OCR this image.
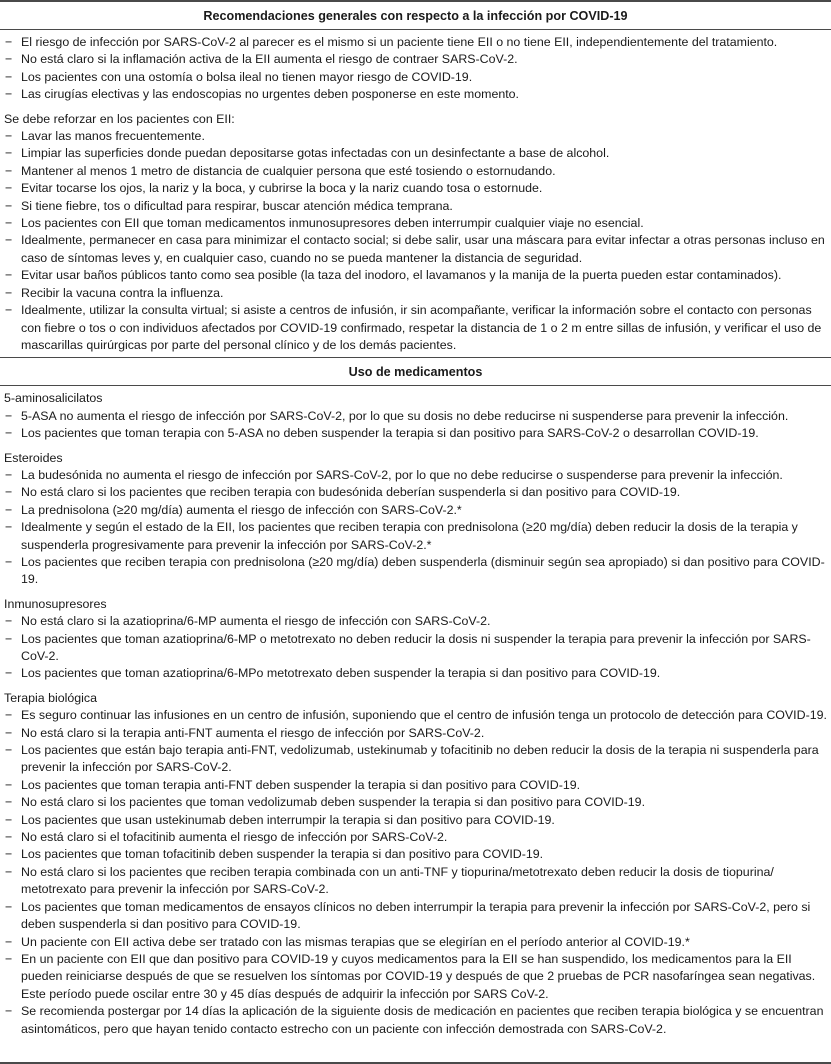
Recomendaciones generales con respecto a la infección por COVID-19
− El riesgo de infección por SARS-CoV-2 al parecer es el mismo si un paciente tiene EII o no tiene EII, independientemente del tratamiento.
− No está claro si la inflamación activa de la EII aumenta el riesgo de contraer SARS-CoV-2.
− Los pacientes con una ostomía o bolsa ileal no tienen mayor riesgo de COVID-19.
− Las cirugías electivas y las endoscopias no urgentes deben posponerse en este momento.
Se debe reforzar en los pacientes con EII:
− Lavar las manos frecuentemente.
− Limpiar las superficies donde puedan depositarse gotas infectadas con un desinfectante a base de alcohol.
− Mantener al menos 1 metro de distancia de cualquier persona que esté tosiendo o estornudando.
− Evitar tocarse los ojos, la nariz y la boca, y cubrirse la boca y la nariz cuando tosa o estornude.
− Si tiene fiebre, tos o dificultad para respirar, buscar atención médica temprana.
− Los pacientes con EII que toman medicamentos inmunosupresores deben interrumpir cualquier viaje no esencial.
− Idealmente, permanecer en casa para minimizar el contacto social; si debe salir, usar una máscara para evitar infectar a otras personas incluso en caso de síntomas leves y, en cualquier caso, cuando no se pueda mantener la distancia de seguridad.
− Evitar usar baños públicos tanto como sea posible (la taza del inodoro, el lavamanos y la manija de la puerta pueden estar contaminados).
− Recibir la vacuna contra la influenza.
− Idealmente, utilizar la consulta virtual; si asiste a centros de infusión, ir sin acompañante, verificar la información sobre el contacto con personas con fiebre o tos o con individuos afectados por COVID-19 confirmado, respetar la distancia de 1 o 2 m entre sillas de infusión, y verificar el uso de mascarillas quirúrgicas por parte del personal clínico y de los demás pacientes.
Uso de medicamentos
5-aminosalicilatos
− 5-ASA no aumenta el riesgo de infección por SARS-CoV-2, por lo que su dosis no debe reducirse ni suspenderse para prevenir la infección.
− Los pacientes que toman terapia con 5-ASA no deben suspender la terapia si dan positivo para SARS-CoV-2 o desarrollan COVID-19.
Esteroides
− La budesónida no aumenta el riesgo de infección por SARS-CoV-2, por lo que no debe reducirse o suspenderse para prevenir la infección.
− No está claro si los pacientes que reciben terapia con budesónida deberían suspenderla si dan positivo para COVID-19.
− La prednisolona (≥20 mg/día) aumenta el riesgo de infección con SARS-CoV-2.*
− Idealmente y según el estado de la EII, los pacientes que reciben terapia con prednisolona (≥20 mg/día) deben reducir la dosis de la terapia y suspenderla progresivamente para prevenir la infección por SARS-CoV-2.*
− Los pacientes que reciben terapia con prednisolona (≥20 mg/día) deben suspenderla (disminuir según sea apropiado) si dan positivo para COVID-19.
Inmunosupresores
− No está claro si la azatioprina/6-MP aumenta el riesgo de infección con SARS-CoV-2.
− Los pacientes que toman azatioprina/6-MP o metotrexato no deben reducir la dosis ni suspender la terapia para prevenir la infección por SARS-CoV-2.
− Los pacientes que toman azatioprina/6-MPo metotrexato deben suspender la terapia si dan positivo para COVID-19.
Terapia biológica
− Es seguro continuar las infusiones en un centro de infusión, suponiendo que el centro de infusión tenga un protocolo de detección para COVID-19.
− No está claro si la terapia anti-FNT aumenta el riesgo de infección por SARS-CoV-2.
− Los pacientes que están bajo terapia anti-FNT, vedolizumab, ustekinumab y tofacitinib no deben reducir la dosis de la terapia ni suspenderla para prevenir la infección por SARS-CoV-2.
− Los pacientes que toman terapia anti-FNT deben suspender la terapia si dan positivo para COVID-19.
− No está claro si los pacientes que toman vedolizumab deben suspender la terapia si dan positivo para COVID-19.
− Los pacientes que usan ustekinumab deben interrumpir la terapia si dan positivo para COVID-19.
− No está claro si el tofacitinib aumenta el riesgo de infección por SARS-CoV-2.
− Los pacientes que toman tofacitinib deben suspender la terapia si dan positivo para COVID-19.
− No está claro si los pacientes que reciben terapia combinada con un anti-TNF y tiopurina/metotrexato deben reducir la dosis de tiopurina/ metotrexato para prevenir la infección por SARS-CoV-2.
− Los pacientes que toman medicamentos de ensayos clínicos no deben interrumpir la terapia para prevenir la infección por SARS-CoV-2, pero si deben suspenderla si dan positivo para COVID-19.
− Un paciente con EII activa debe ser tratado con las mismas terapias que se elegirían en el período anterior al COVID-19.*
− En un paciente con EII que dan positivo para COVID-19 y cuyos medicamentos para la EII se han suspendido, los medicamentos para la EII pueden reiniciarse después de que se resuelven los síntomas por COVID-19 y después de que 2 pruebas de PCR nasofaríngea sean negativas. Este período puede oscilar entre 30 y 45 días después de adquirir la infección por SARS CoV-2.
− Se recomienda postergar por 14 días la aplicación de la siguiente dosis de medicación en pacientes que reciben terapia biológica y se encuentran asintomáticos, pero que hayan tenido contacto estrecho con un paciente con infección demostrada con SARS-CoV-2.
